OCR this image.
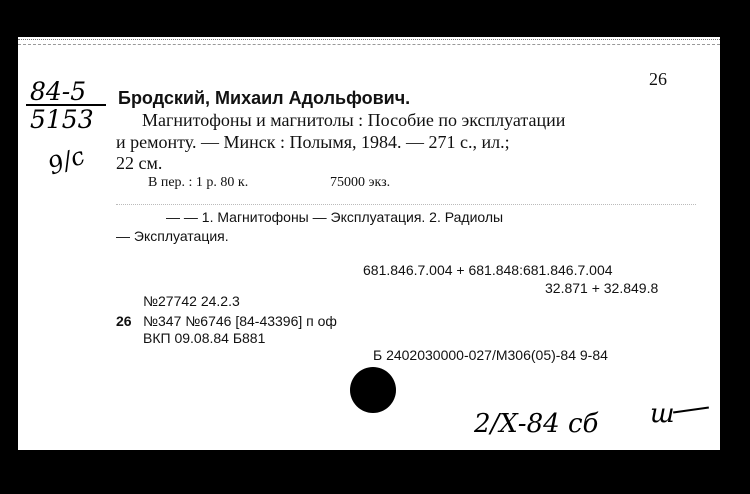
84-5
5153
9/с
26
Бродский, Михаил Адольфович.
Магнитофоны и магнитолы : Пособие по эксплуатации
и ремонту. — Минск : Полымя, 1984. — 271 с., ил.;
22 см.
В пер. : 1 р. 80 к.	75000 экз.
— — 1. Магнитофоны — Эксплуатация. 2. Радиолы
— Эксплуатация.
681.846.7.004 + 681.848:681.846.7.004
32.871 + 32.849.8
№27742 24.2.3
26 №347 №6746 [84-43396] п оф
ВКП 09.08.84 Б881
Б 2402030000-027/М306(05)-84 9-84
2/Х-84 сб ш
